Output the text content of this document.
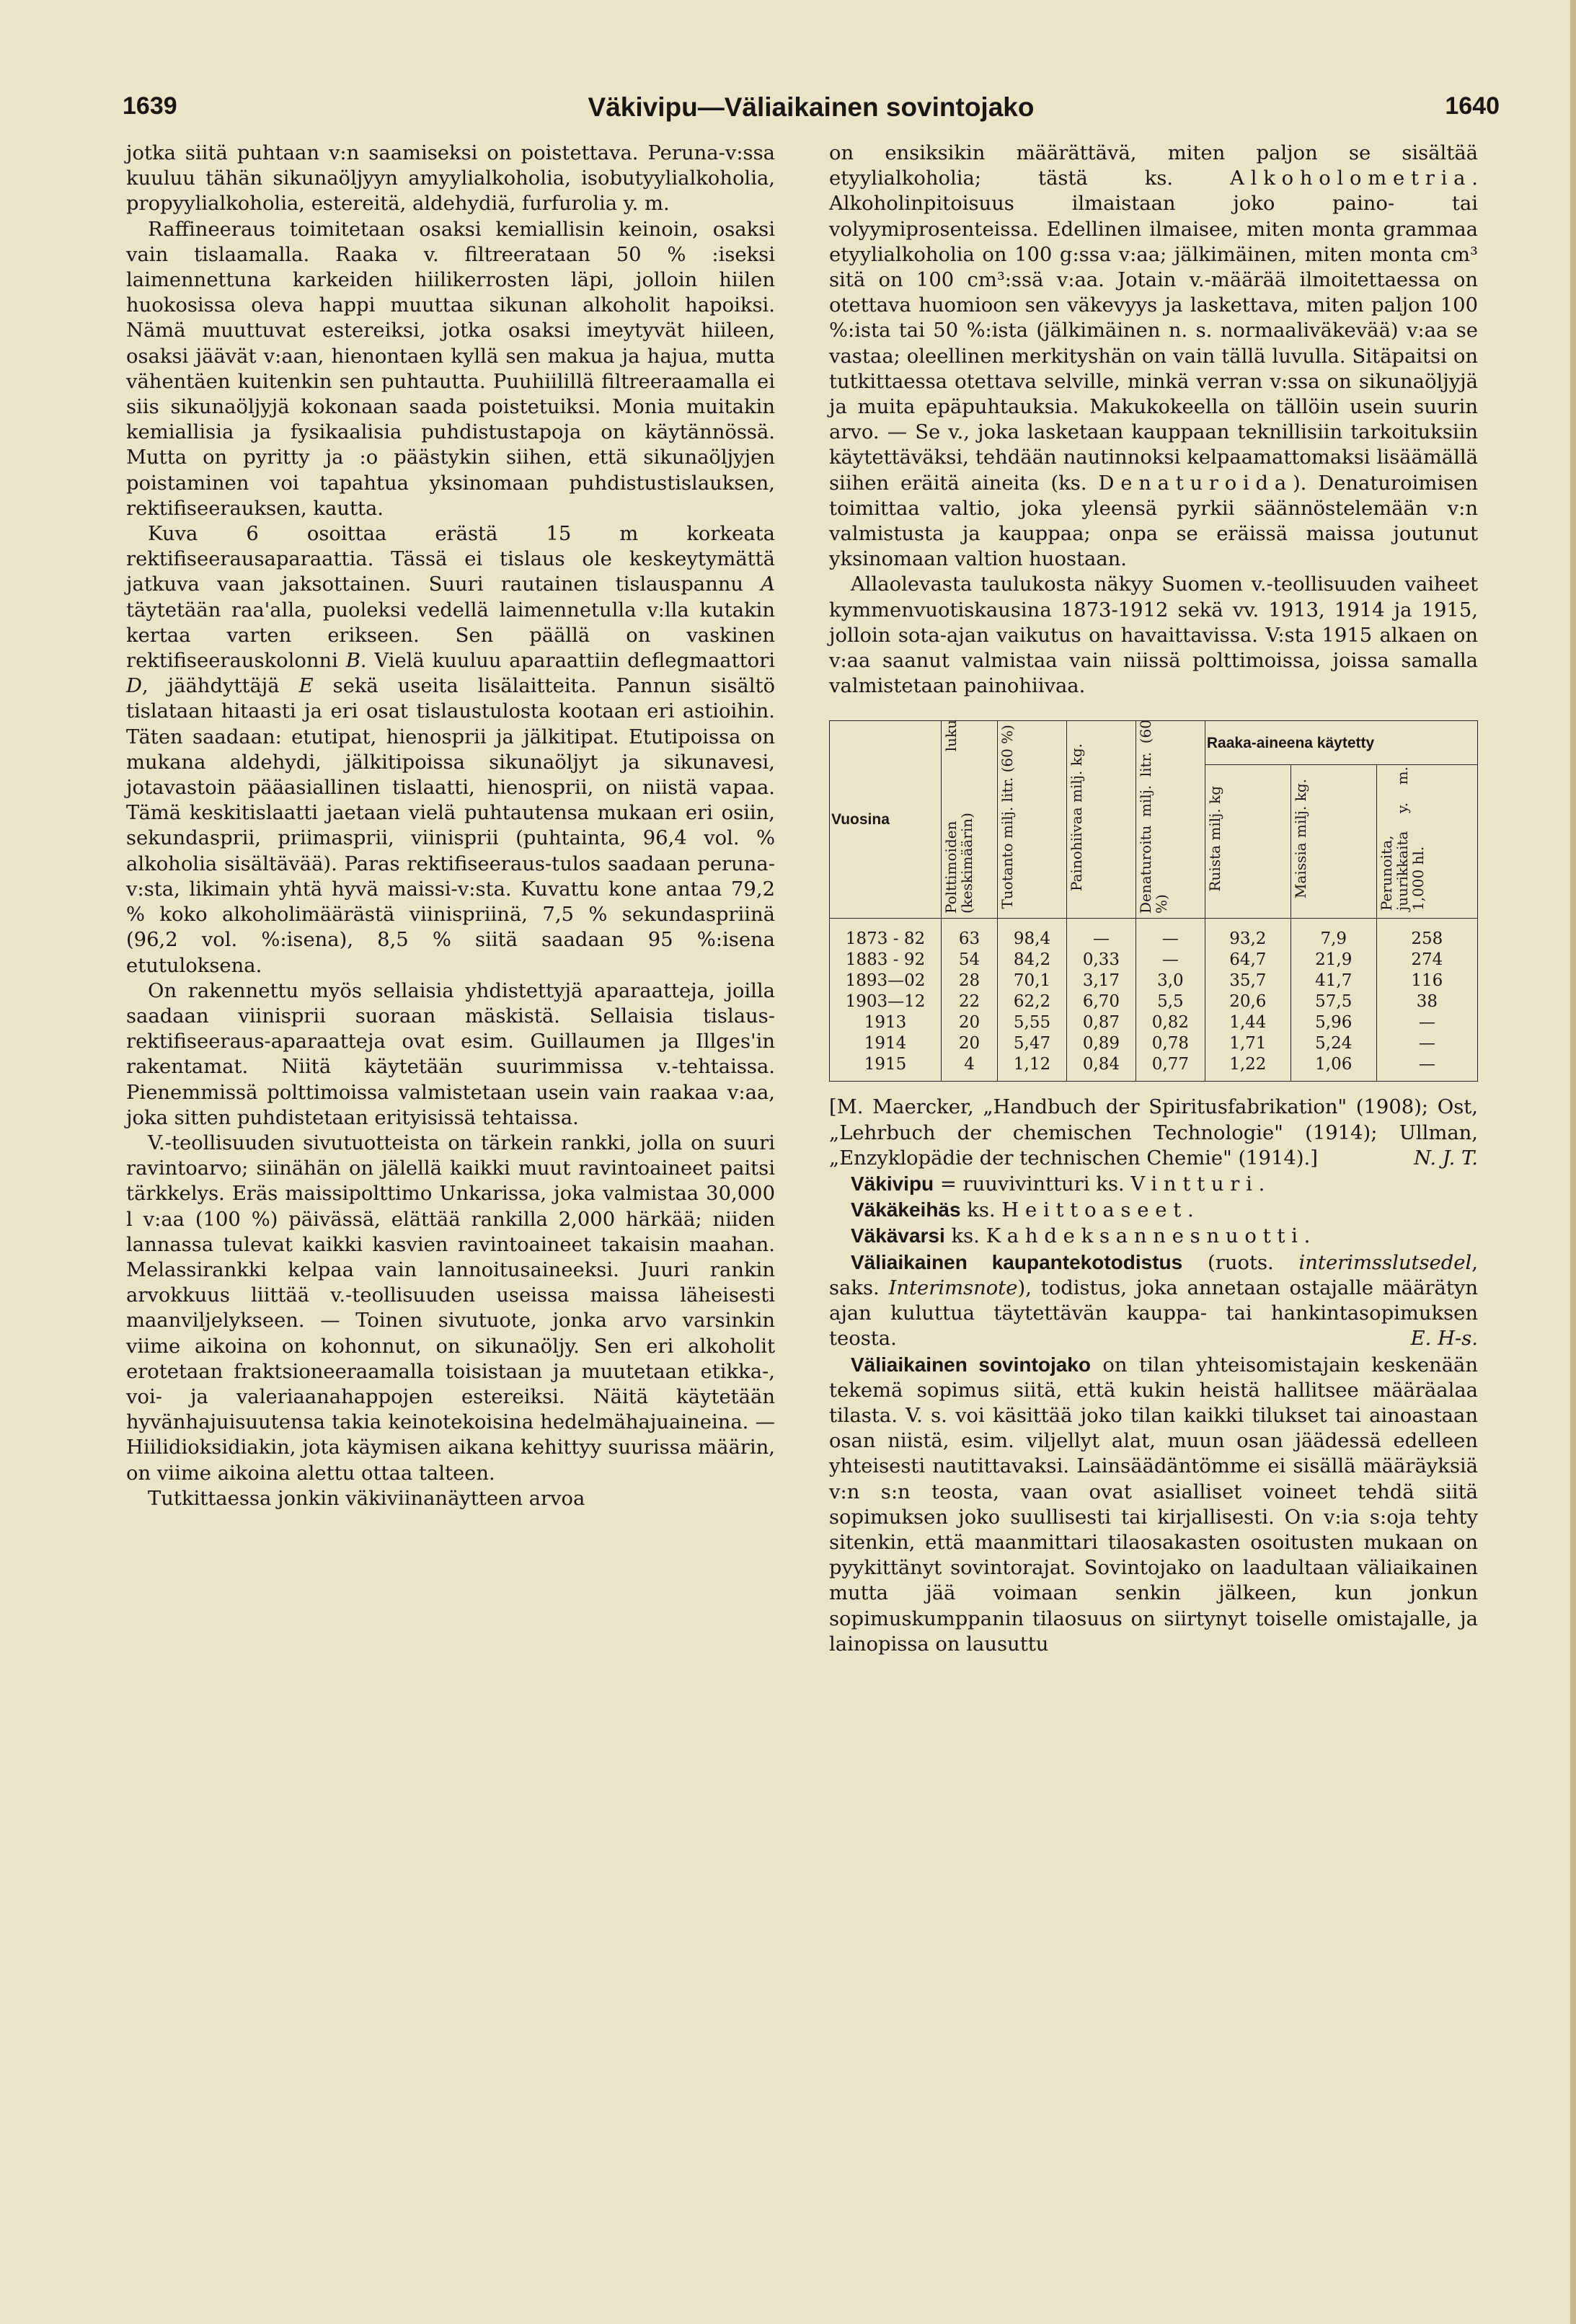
1639	Väkivipu—Väliaikainen sovintojako	1640

jotka siitä puhtaan v:n saamiseksi on poistettava. Peruna-v:ssa kuuluu tähän sikunaöljyyn amyylialkoholia, isobutyylialkoholia, propyylialkoholia, estereitä, aldehydiä, furfurolia y. m.

Raffineeraus toimitetaan osaksi kemiallisin keinoin, osaksi vain tislaamalla. Raaka v. filtreerataan 50 % :iseksi laimennettuna karkeiden hiilikerrosten läpi, jolloin hiilen huokosissa oleva happi muuttaa sikunan alkoholit hapoiksi. Nämä muuttuvat estereiksi, jotka osaksi imeytyvät hiileen, osaksi jäävät v:aan, hienontaen kyllä sen makua ja hajua, mutta vähentäen kuitenkin sen puhtautta. Puuhiilillä filtreeraamalla ei siis sikunaöljyjä kokonaan saada poistetuiksi. Monia muitakin kemiallisia ja fysikaalisia puhdistustapoja on käytännössä. Mutta on pyritty ja :o päästykin siihen, että sikunaöljyjen poistaminen voi tapahtua yksinomaan puhdistustislauksen, rektifiseerauksen, kautta.

Kuva 6 osoittaa erästä 15 m korkeata rektifiseerausaparaattia. Tässä ei tislaus ole keskeytymättä jatkuva vaan jaksottainen. Suuri rautainen tislauspannu A täytetään raa'alla, puoleksi vedellä laimennetulla v:lla kutakin kertaa varten erikseen. Sen päällä on vaskinen rektifiseerauskolonni B. Vielä kuuluu aparaattiin deflegmaattori D, jäähdyttäjä E sekä useita lisälaitteita. Pannun sisältö tislataan hitaasti ja eri osat tislaustulosta kootaan eri astioihin. Täten saadaan: etutipat, hienosprii ja jälkitipat. Etutipoissa on mukana aldehydi, jälkitipoissa sikunaöljyt ja sikunavesi, jotavastoin pääasiallinen tislaatti, hienosprii, on niistä vapaa. Tämä keskitislaatti jaetaan vielä puhtautensa mukaan eri osiin, sekundasprii, priimasprii, viinisprii (puhtainta, 96,4 vol. % alkoholia sisältävää). Paras rektifiseeraus-tulos saadaan peruna-v:sta, likimain yhtä hyvä maissi-v:sta. Kuvattu kone antaa 79,2 % koko alkoholimäärästä viinispriinä, 7,5 % sekundaspriinä (96,2 vol. %:isena), 8,5 % siitä saadaan 95 %:isena etutuloksena.

On rakennettu myös sellaisia yhdistettyjä aparaatteja, joilla saadaan viinisprii suoraan mäskistä. Sellaisia tislaus-rektifiseeraus-aparaatteja ovat esim. Guillaumen ja Illges'in rakentamat. Niitä käytetään suurimmissa v.-tehtaissa. Pienemmissä polttimoissa valmistetaan usein vain raakaa v:aa, joka sitten puhdistetaan erityisissä tehtaissa.

V.-teollisuuden sivutuotteista on tärkein rankki, jolla on suuri ravintoarvo; siinähän on jälellä kaikki muut ravintoaineet paitsi tärkkelys. Eräs maissipolttimo Unkarissa, joka valmistaa 30,000 l v:aa (100 %) päivässä, elättää rankilla 2,000 härkää; niiden lannassa tulevat kaikki kasvien ravintoaineet takaisin maahan. Melassirankki kelpaa vain lannoitusaineeksi. Juuri rankin arvokkuus liittää v.-teollisuuden useissa maissa läheisesti maanviljelykseen. — Toinen sivutuote, jonka arvo varsinkin viime aikoina on kohonnut, on sikunaöljy. Sen eri alkoholit erotetaan fraktsioneeraamalla toisistaan ja muutetaan etikka-, voi- ja valeriaanahappojen estereiksi. Näitä käytetään hyvänhajuisuutensa takia keinotekoisina hedelmähajuaineina. — Hiilidioksidiakin, jota käymisen aikana kehittyy suurissa määrin, on viime aikoina alettu ottaa talteen.

Tutkittaessa jonkin väkiviinanäytteen arvoa

on ensiksikin määrättävä, miten paljon se sisältää etyylialkoholia; tästä ks. Alkoholometria. Alkoholinpitoisuus ilmaistaan joko paino- tai volyymiprosenteissa. Edellinen ilmaisee, miten monta grammaa etyylialkoholia on 100 g:ssa v:aa; jälkimäinen, miten monta cm³ sitä on 100 cm³:ssä v:aa. Jotain v.-määrää ilmoitettaessa on otettava huomioon sen väkevyys ja laskettava, miten paljon 100 %:ista tai 50 %:ista (jälkimäinen n. s. normaaliväkevää) v:aa se vastaa; oleellinen merkityshän on vain tällä luvulla. Sitäpaitsi on tutkittaessa otettava selville, minkä verran v:ssa on sikunaöljyjä ja muita epäpuhtauksia. Makukokeella on tällöin usein suurin arvo. — Se v., joka lasketaan kauppaan teknillisiin tarkoituksiin käytettäväksi, tehdään nautinnoksi kelpaamattomaksi lisäämällä siihen eräitä aineita (ks. Denaturoida). Denaturoimisen toimittaa valtio, joka yleensä pyrkii säännöstelemään v:n valmistusta ja kauppaa; onpa se eräissä maissa joutunut yksinomaan valtion huostaan.

Allaolevasta taulukosta näkyy Suomen v.-teollisuuden vaiheet kymmenvuotiskausina 1873-1912 sekä vv. 1913, 1914 ja 1915, jolloin sota-ajan vaikutus on havaittavissa. V:sta 1915 alkaen on v:aa saanut valmistaa vain niissä polttimoissa, joissa samalla valmistetaan painohiivaa.

Vuosina	Polttimoiden luku (keskimäärin)	Tuotanto milj. litr. (60 %)	Painohiivaa milj. kg.	Denaturoitu milj. litr. (60 %)	Raaka-aineena käytetty		
					Ruista milj. kg	Maissia milj. kg.	Perunoita, juurikkaita y. m. 1,000 hl.
1873 - 82	63	98,4	—	—	93,2	7,9	258
1883 - 92	54	84,2	0,33	—	64,7	21,9	274
1893—02	28	70,1	3,17	3,0	35,7	41,7	116
1903—12	22	62,2	6,70	5,5	20,6	57,5	38
1913	20	5,55	0,87	0,82	1,44	5,96	—
1914	20	5,47	0,89	0,78	1,71	5,24	—
1915	4	1,12	0,84	0,77	1,22	1,06	—

[M. Maercker, „Handbuch der Spiritusfabrikation" (1908); Ost, „Lehrbuch der chemischen Technologie" (1914); Ullman, „Enzyklopädie der technischen Chemie" (1914).]	N. J. T.

Väkivipu = ruuvivintturi ks. Vintturi.

Väkäkeihäs ks. Heittoaseet.

Väkävarsi ks. Kahdeksannesnuotti.

Väliaikainen kaupantekotodistus (ruots. interimsslutsedel, saks. Interimsnote), todistus, joka annetaan ostajalle määrätyn ajan kuluttua täytettävän kauppa- tai hankintasopimuksen teosta.	E. H-s.

Väliaikainen sovintojako on tilan yhteisomistajain keskenään tekemä sopimus siitä, että kukin heistä hallitsee määräalaa tilasta. V. s. voi käsittää joko tilan kaikki tilukset tai ainoastaan osan niistä, esim. viljellyt alat, muun osan jäädessä edelleen yhteisesti nautittavaksi. Lainsäädäntömme ei sisällä määräyksiä v:n s:n teosta, vaan ovat asialliset voineet tehdä siitä sopimuksen joko suullisesti tai kirjallisesti. On v:ia s:oja tehty sitenkin, että maanmittari tilaosakasten osoitusten mukaan on pyykittänyt sovintorajat. Sovintojako on laadultaan väliaikainen mutta jää voimaan senkin jälkeen, kun jonkun sopimuskumppanin tilaosuus on siirtynyt toiselle omistajalle, ja lainopissa on lausuttu
